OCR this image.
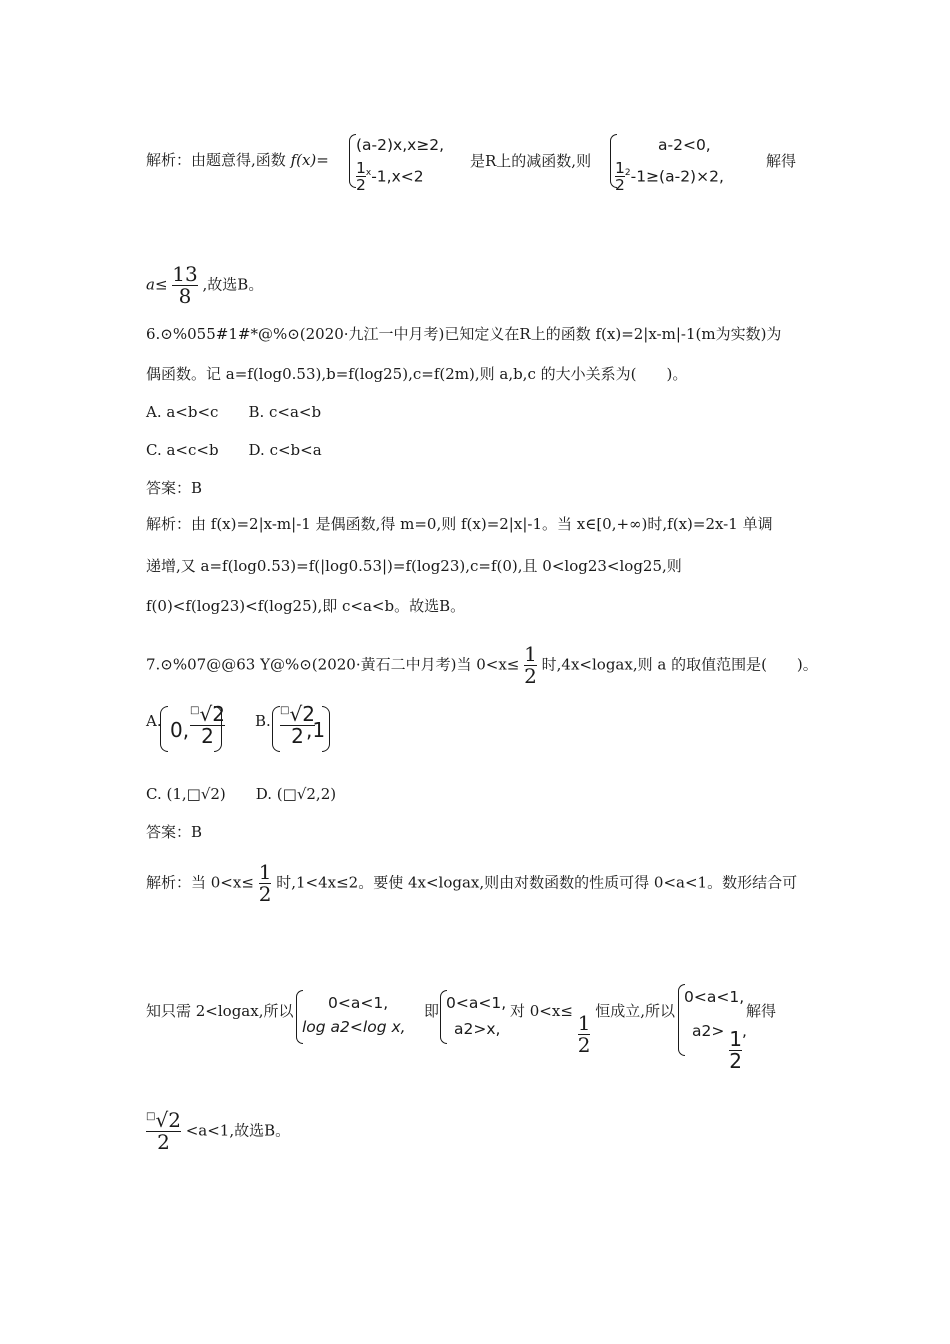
解析：由题意得,函数 f(x)=
(a-2)x,x≥2,
$\frac{1}{2} ^x-1,x<2$
是R上的减函数,则
a-2<0,
$\frac{1}{2} ^2-1\ge(a-2)\times 2$,
解得
$a\le \frac{13}{8}$ ,故选B。
6.⊙%055#1#*@%⊙(2020·九江一中月考)已知定义在R上的函数 f(x)=2|x-m|-1(m为实数)为
偶函数。记 a=f(log0.53),b=f(log25),c=f(2m),则 a,b,c 的大小关系为(　　)。
A. a<b<c　　B. c<a<b
C. a<c<b　　D. c<b<a
答案：B
解析：由 f(x)=2|x-m|-1 是偶函数,得 m=0,则 f(x)=2|x|-1。当 x∈[0,+∞)时,f(x)=2x-1 单调
递增,又 a=f(log0.53)=f(|log0.53|)=f(log23),c=f(0),且 0<log23<log25,则
f(0)<f(log23)<f(log25),即 c<a<b。故选B。
7.⊙%07@@63 Y@%⊙(2020·黄石二中月考)当 $0<x\le \frac{1}{2}$ 时,4x<logax,则 a 的取值范围是(　　)。
A. 0, $\frac{^□√2}{2} B$. $\frac{^□√2}{2}$
,1
C. (1,□√2)　　D. (□√2,2)
答案：B
解析：当 $0<x\le \frac{1}{2}$ 时,1<4x≤2。要使 4x<logax,则由对数函数的性质可得 0<a<1。数形结合可
知只需 2<logax,所以 0<a<1,
log a2<log x,
即 0<a<1,
a2>x,
对 0<x≤
$\frac{1}{2}$
恒成立,所以
0<a<1,
$a2> \frac{1}{2}$ ,
解得
$\frac{^□√2}{2} <a<1$,故选B。
